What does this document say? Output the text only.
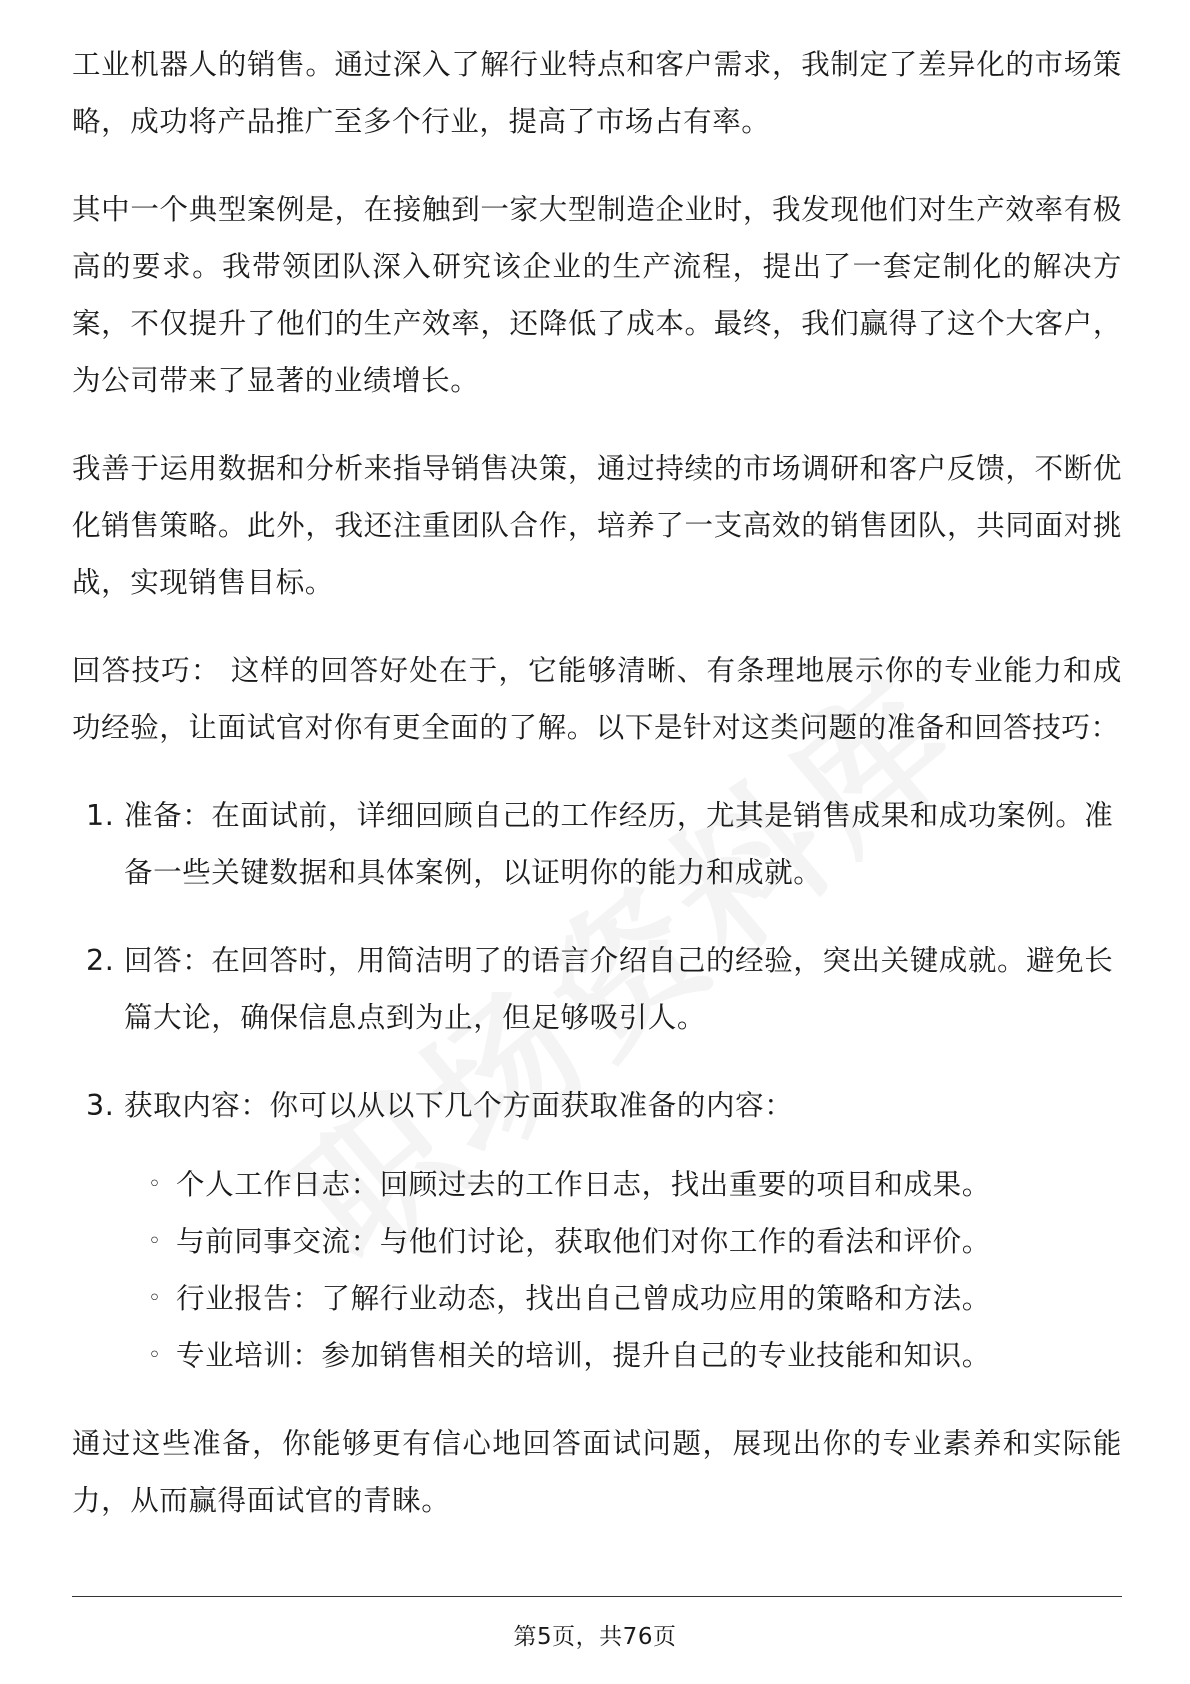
工业机器人的销售。通过深入了解行业特点和客户需求，我制定了差异化的市场策略，成功将产品推广至多个行业，提高了市场占有率。

其中一个典型案例是，在接触到一家大型制造企业时，我发现他们对生产效率有极高的要求。我带领团队深入研究该企业的生产流程，提出了一套定制化的解决方案，不仅提升了他们的生产效率，还降低了成本。最终，我们赢得了这个大客户，为公司带来了显著的业绩增长。

我善于运用数据和分析来指导销售决策，通过持续的市场调研和客户反馈，不断优化销售策略。此外，我还注重团队合作，培养了一支高效的销售团队，共同面对挑战，实现销售目标。

回答技巧： 这样的回答好处在于，它能够清晰、有条理地展示你的专业能力和成功经验，让面试官对你有更全面的了解。以下是针对这类问题的准备和回答技巧：

1. 准备：在面试前，详细回顾自己的工作经历，尤其是销售成果和成功案例。准备一些关键数据和具体案例，以证明你的能力和成就。
2. 回答：在回答时，用简洁明了的语言介绍自己的经验，突出关键成就。避免长篇大论，确保信息点到为止，但足够吸引人。
3. 获取内容：你可以从以下几个方面获取准备的内容：
◦ 个人工作日志：回顾过去的工作日志，找出重要的项目和成果。
◦ 与前同事交流：与他们讨论，获取他们对你工作的看法和评价。
◦ 行业报告：了解行业动态，找出自己曾成功应用的策略和方法。
◦ 专业培训：参加销售相关的培训，提升自己的专业技能和知识。

通过这些准备，你能够更有信心地回答面试问题，展现出你的专业素养和实际能力，从而赢得面试官的青睐。

第5页，共76页
